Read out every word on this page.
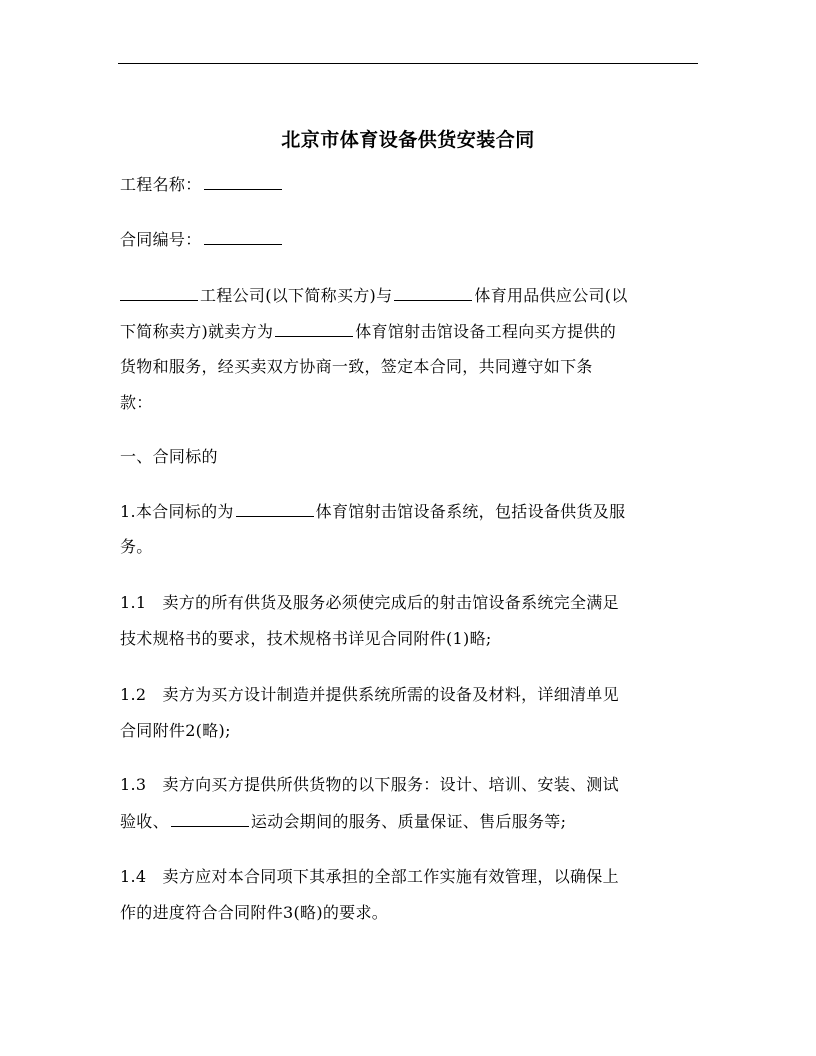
北京市体育设备供货安装合同
工程名称：
合同编号：
工程公司(以下简称买方)与	体育用品供应公司(以
下简称卖方)就卖方为	体育馆射击馆设备工程向买方提供的
货物和服务，经买卖双方协商一致，签定本合同，共同遵守如下条
款：
一、合同标的
1.本合同标的为	体育馆射击馆设备系统，包括设备供货及服
务。
1.1   卖方的所有供货及服务必须使完成后的射击馆设备系统完全满足
技术规格书的要求，技术规格书详见合同附件(1)略;
1.2   卖方为买方设计制造并提供系统所需的设备及材料，详细清单见
合同附件2(略);
1.3   卖方向买方提供所供货物的以下服务：设计、培训、安装、测试
验收、	运动会期间的服务、质量保证、售后服务等;
1.4   卖方应对本合同项下其承担的全部工作实施有效管理，以确保上
作的进度符合合同附件3(略)的要求。
